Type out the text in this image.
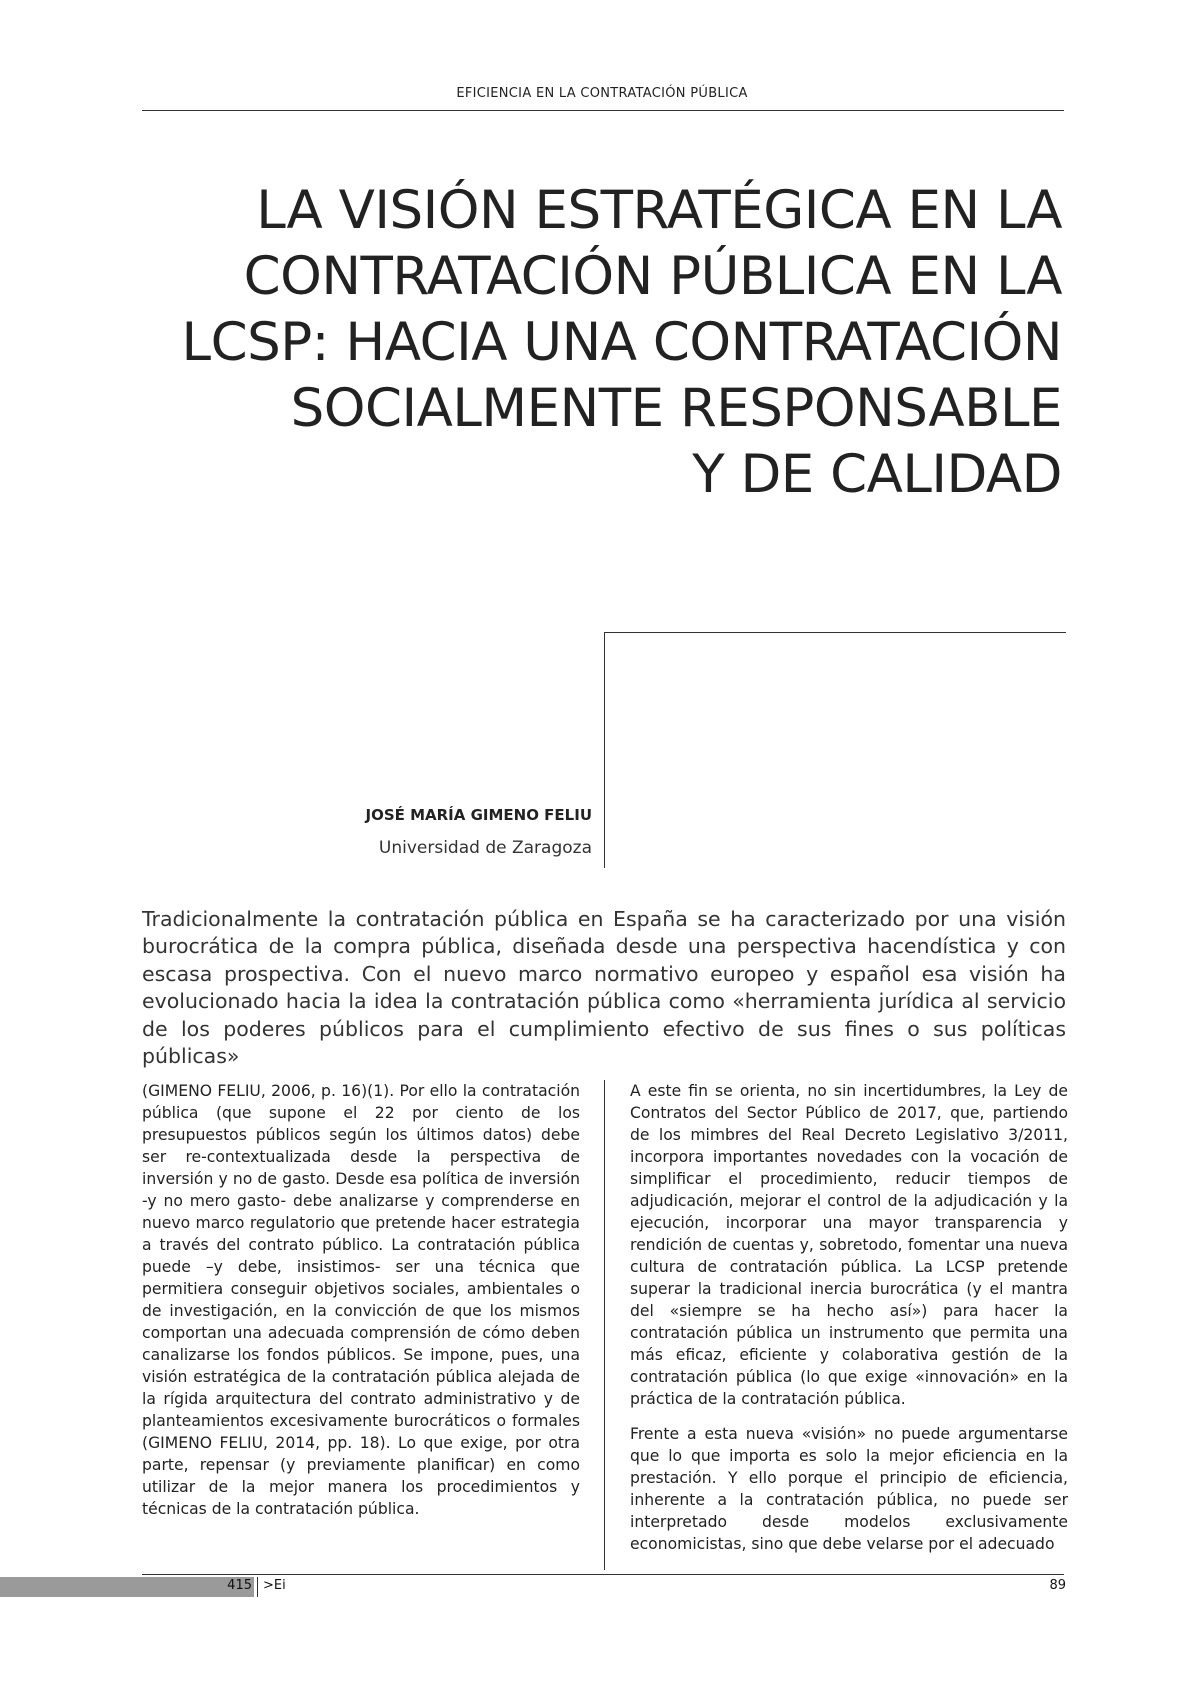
EFICIENCIA EN LA CONTRATACIÓN PÚBLICA
LA VISIÓN ESTRATÉGICA EN LA
CONTRATACIÓN PÚBLICA EN LA
LCSP: HACIA UNA CONTRATACIÓN
SOCIALMENTE RESPONSABLE
Y DE CALIDAD
JOSÉ MARÍA GIMENO FELIU
Universidad de Zaragoza

Tradicionalmente la contratación pública en España se ha caracterizado por una visión burocrática de la compra pública, diseñada desde una perspectiva hacendística y con escasa prospectiva. Con el nuevo marco normativo europeo y español esa visión ha evolucionado hacia la idea la contratación pública como «herramienta jurídica al servicio de los poderes públicos para el cumplimiento efectivo de sus fines o sus políticas públicas»

(GIMENO FELIU, 2006, p. 16)(1). Por ello la contratación pública (que supone el 22 por ciento de los presupuestos públicos según los últimos datos) debe ser re-contextualizada desde la perspectiva de inversión y no de gasto. Desde esa política de inversión -y no mero gasto- debe analizarse y comprenderse en nuevo marco regulatorio que pretende hacer estrategia a través del contrato público. La contratación pública puede –y debe, insistimos- ser una técnica que permitiera conseguir objetivos sociales, ambientales o de investigación, en la convicción de que los mismos comportan una adecuada comprensión de cómo deben canalizarse los fondos públicos. Se impone, pues, una visión estratégica de la contratación pública alejada de la rígida arquitectura del contrato administrativo y de planteamientos excesivamente burocráticos o formales (GIMENO FELIU, 2014, pp. 18). Lo que exige, por otra parte, repensar (y previamente planificar) en como utilizar de la mejor manera los procedimientos y técnicas de la contratación pública.

A este fin se orienta, no sin incertidumbres, la Ley de Contratos del Sector Público de 2017, que, partiendo de los mimbres del Real Decreto Legislativo 3/2011, incorpora importantes novedades con la vocación de simplificar el procedimiento, reducir tiempos de adjudicación, mejorar el control de la adjudicación y la ejecución, incorporar una mayor transparencia y rendición de cuentas y, sobretodo, fomentar una nueva cultura de contratación pública. La LCSP pretende superar la tradicional inercia burocrática (y el mantra del «siempre se ha hecho así») para hacer la contratación pública un instrumento que permita una más eficaz, eficiente y colaborativa gestión de la contratación pública (lo que exige «innovación» en la práctica de la contratación pública.

Frente a esta nueva «visión» no puede argumentarse que lo que importa es solo la mejor eficiencia en la prestación. Y ello porque el principio de eficiencia, inherente a la contratación pública, no puede ser interpretado desde modelos exclusivamente economicistas, sino que debe velarse por el adecuado

415 >Ei	89
